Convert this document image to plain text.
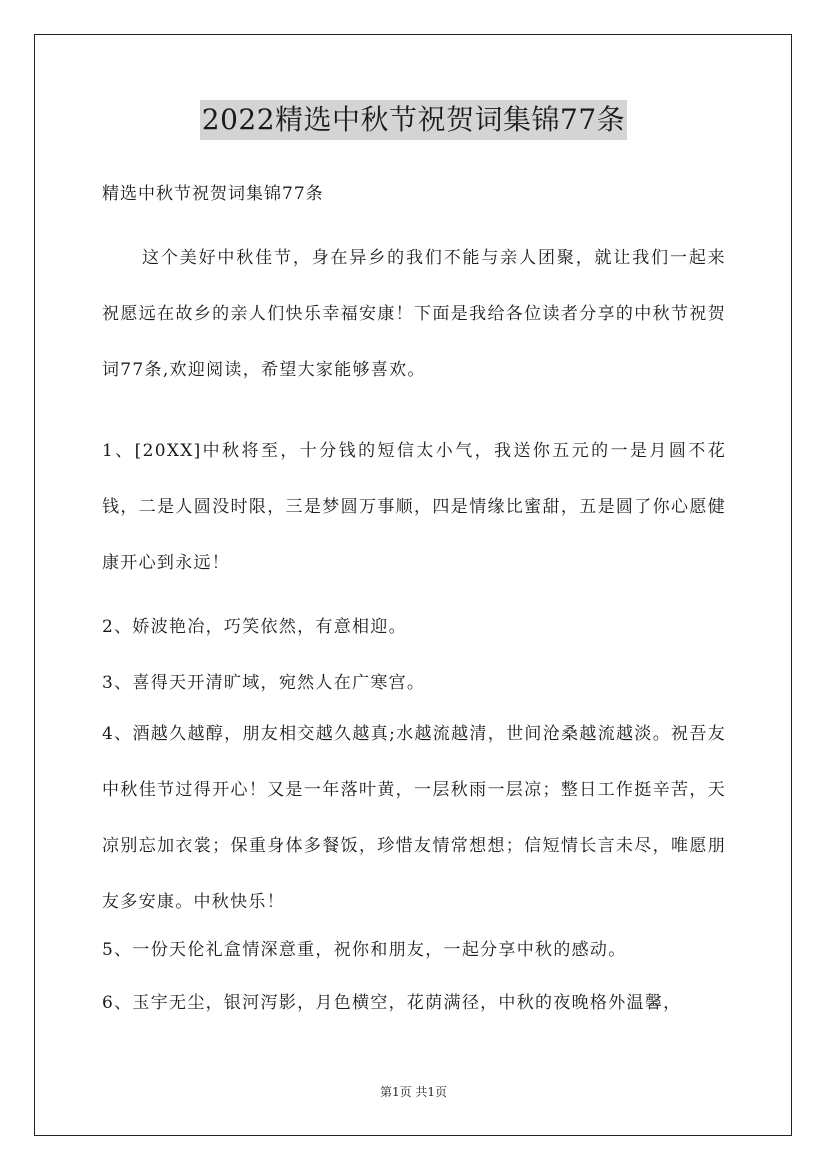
2022精选中秋节祝贺词集锦77条
精选中秋节祝贺词集锦77条

这个美好中秋佳节，身在异乡的我们不能与亲人团聚，就让我们一起来祝愿远在故乡的亲人们快乐幸福安康！下面是我给各位读者分享的中秋节祝贺词77条,欢迎阅读，希望大家能够喜欢。

1、[20XX]中秋将至，十分钱的短信太小气，我送你五元的一是月圆不花钱，二是人圆没时限，三是梦圆万事顺，四是情缘比蜜甜，五是圆了你心愿健康开心到永远！

2、娇波艳冶，巧笑依然，有意相迎。

3、喜得天开清旷域，宛然人在广寒宫。

4、酒越久越醇，朋友相交越久越真;水越流越清，世间沧桑越流越淡。祝吾友中秋佳节过得开心！又是一年落叶黄，一层秋雨一层凉；整日工作挺辛苦，天凉别忘加衣裳；保重身体多餐饭，珍惜友情常想想；信短情长言未尽，唯愿朋友多安康。中秋快乐！

5、一份天伦礼盒情深意重，祝你和朋友，一起分享中秋的感动。

6、玉宇无尘，银河泻影，月色横空，花荫满径，中秋的夜晚格外温馨，

第1页 共1页
